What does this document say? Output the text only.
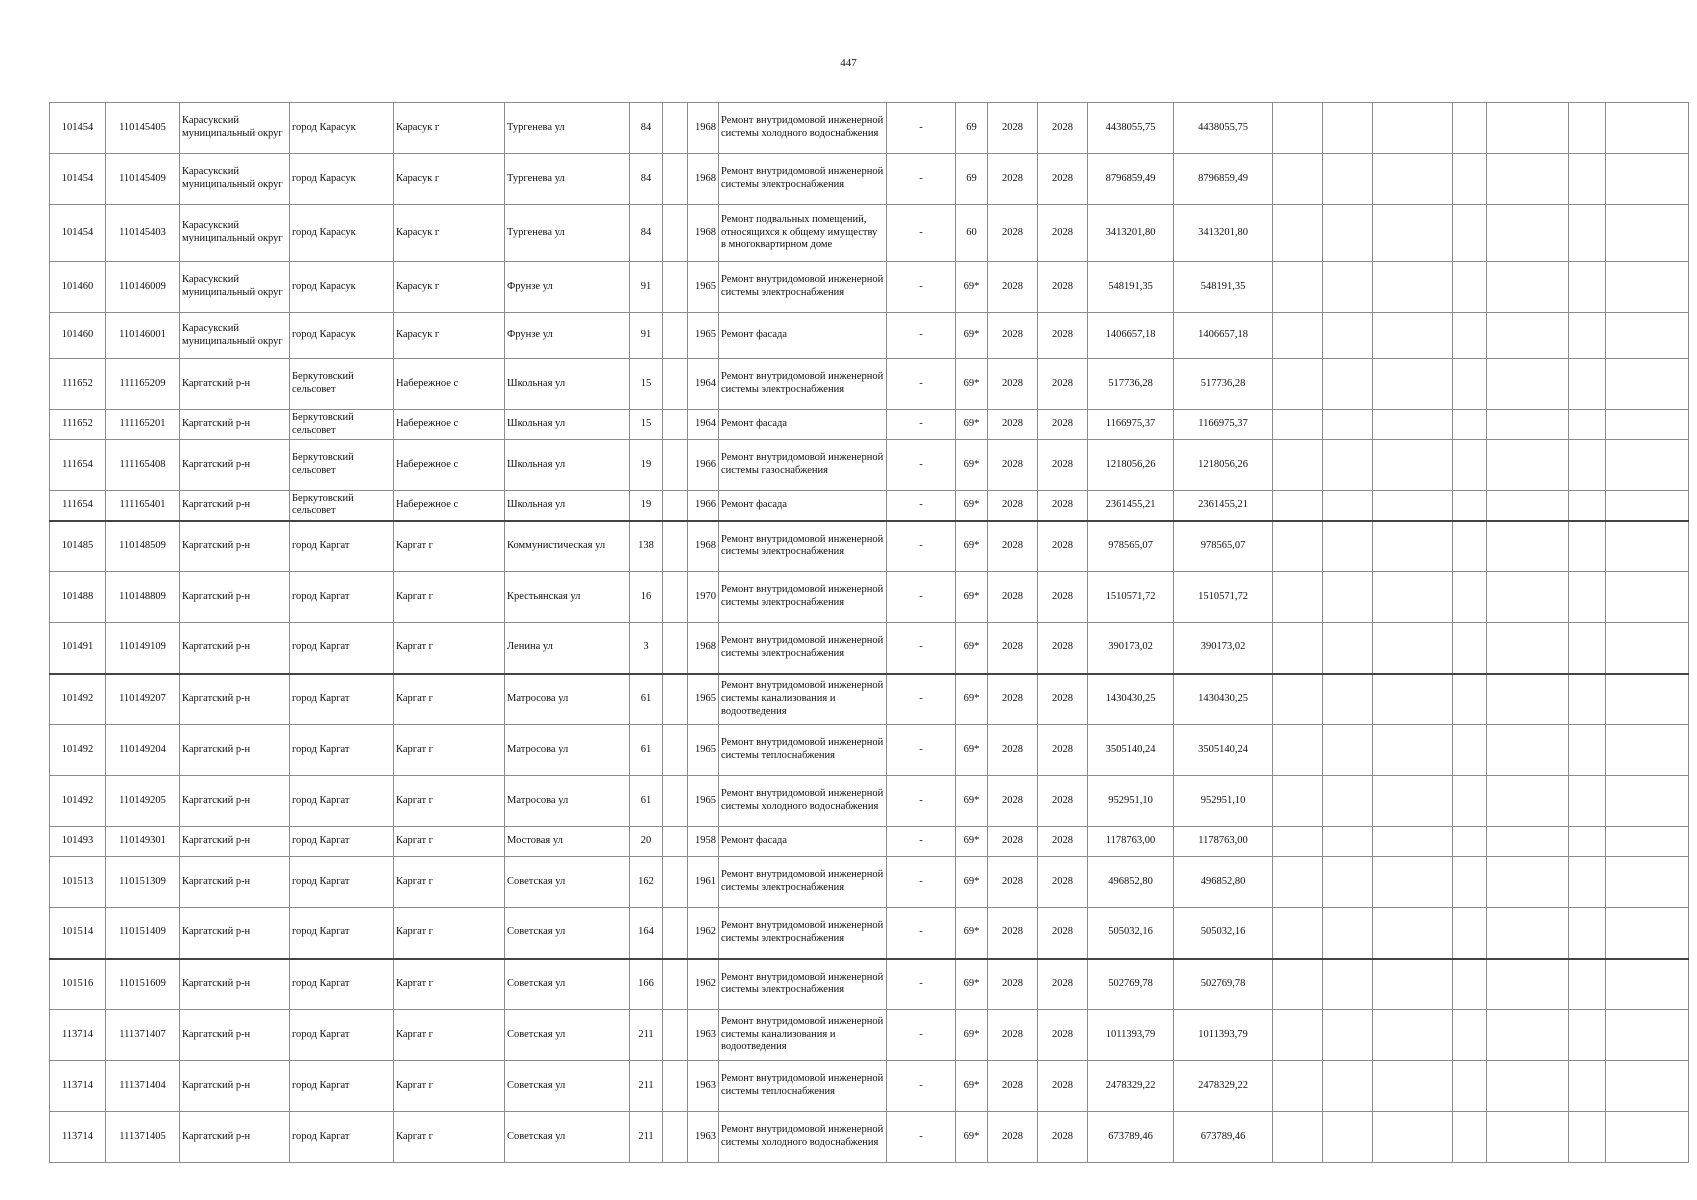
447
101454	110145405	Карасукский муниципальный округ	город Карасук	Карасук г	Тургенева ул	84		1968	Ремонт внутридомовой инженерной системы холодного водоснабжения	-	69	2028	2028	4438055,75	4438055,75							
101454	110145409	Карасукский муниципальный округ	город Карасук	Карасук г	Тургенева ул	84		1968	Ремонт внутридомовой инженерной системы электроснабжения	-	69	2028	2028	8796859,49	8796859,49							
101454	110145403	Карасукский муниципальный округ	город Карасук	Карасук г	Тургенева ул	84		1968	Ремонт подвальных помещений, относящихся к общему имуществу в многоквартирном доме	-	60	2028	2028	3413201,80	3413201,80							
101460	110146009	Карасукский муниципальный округ	город Карасук	Карасук г	Фрунзе ул	91		1965	Ремонт внутридомовой инженерной системы электроснабжения	-	69*	2028	2028	548191,35	548191,35							
101460	110146001	Карасукский муниципальный округ	город Карасук	Карасук г	Фрунзе ул	91		1965	Ремонт фасада	-	69*	2028	2028	1406657,18	1406657,18							
111652	111165209	Каргатский р-н	Беркутовский сельсовет	Набережное с	Школьная ул	15		1964	Ремонт внутридомовой инженерной системы электроснабжения	-	69*	2028	2028	517736,28	517736,28							
111652	111165201	Каргатский р-н	Беркутовский сельсовет	Набережное с	Школьная ул	15		1964	Ремонт фасада	-	69*	2028	2028	1166975,37	1166975,37							
111654	111165408	Каргатский р-н	Беркутовский сельсовет	Набережное с	Школьная ул	19		1966	Ремонт внутридомовой инженерной системы газоснабжения	-	69*	2028	2028	1218056,26	1218056,26							
111654	111165401	Каргатский р-н	Беркутовский сельсовет	Набережное с	Школьная ул	19		1966	Ремонт фасада	-	69*	2028	2028	2361455,21	2361455,21							
101485	110148509	Каргатский р-н	город Каргат	Каргат г	Коммунистическая ул	138		1968	Ремонт внутридомовой инженерной системы электроснабжения	-	69*	2028	2028	978565,07	978565,07							
101488	110148809	Каргатский р-н	город Каргат	Каргат г	Крестьянская ул	16		1970	Ремонт внутридомовой инженерной системы электроснабжения	-	69*	2028	2028	1510571,72	1510571,72							
101491	110149109	Каргатский р-н	город Каргат	Каргат г	Ленина ул	3		1968	Ремонт внутридомовой инженерной системы электроснабжения	-	69*	2028	2028	390173,02	390173,02							
101492	110149207	Каргатский р-н	город Каргат	Каргат г	Матросова ул	61		1965	Ремонт внутридомовой инженерной системы канализования и водоотведения	-	69*	2028	2028	1430430,25	1430430,25							
101492	110149204	Каргатский р-н	город Каргат	Каргат г	Матросова ул	61		1965	Ремонт внутридомовой инженерной системы теплоснабжения	-	69*	2028	2028	3505140,24	3505140,24							
101492	110149205	Каргатский р-н	город Каргат	Каргат г	Матросова ул	61		1965	Ремонт внутридомовой инженерной системы холодного водоснабжения	-	69*	2028	2028	952951,10	952951,10							
101493	110149301	Каргатский р-н	город Каргат	Каргат г	Мостовая ул	20		1958	Ремонт фасада	-	69*	2028	2028	1178763,00	1178763,00							
101513	110151309	Каргатский р-н	город Каргат	Каргат г	Советская ул	162		1961	Ремонт внутридомовой инженерной системы электроснабжения	-	69*	2028	2028	496852,80	496852,80							
101514	110151409	Каргатский р-н	город Каргат	Каргат г	Советская ул	164		1962	Ремонт внутридомовой инженерной системы электроснабжения	-	69*	2028	2028	505032,16	505032,16							
101516	110151609	Каргатский р-н	город Каргат	Каргат г	Советская ул	166		1962	Ремонт внутридомовой инженерной системы электроснабжения	-	69*	2028	2028	502769,78	502769,78							
113714	111371407	Каргатский р-н	город Каргат	Каргат г	Советская ул	211		1963	Ремонт внутридомовой инженерной системы канализования и водоотведения	-	69*	2028	2028	1011393,79	1011393,79							
113714	111371404	Каргатский р-н	город Каргат	Каргат г	Советская ул	211		1963	Ремонт внутридомовой инженерной системы теплоснабжения	-	69*	2028	2028	2478329,22	2478329,22							
113714	111371405	Каргатский р-н	город Каргат	Каргат г	Советская ул	211		1963	Ремонт внутридомовой инженерной системы холодного водоснабжения	-	69*	2028	2028	673789,46	673789,46							
